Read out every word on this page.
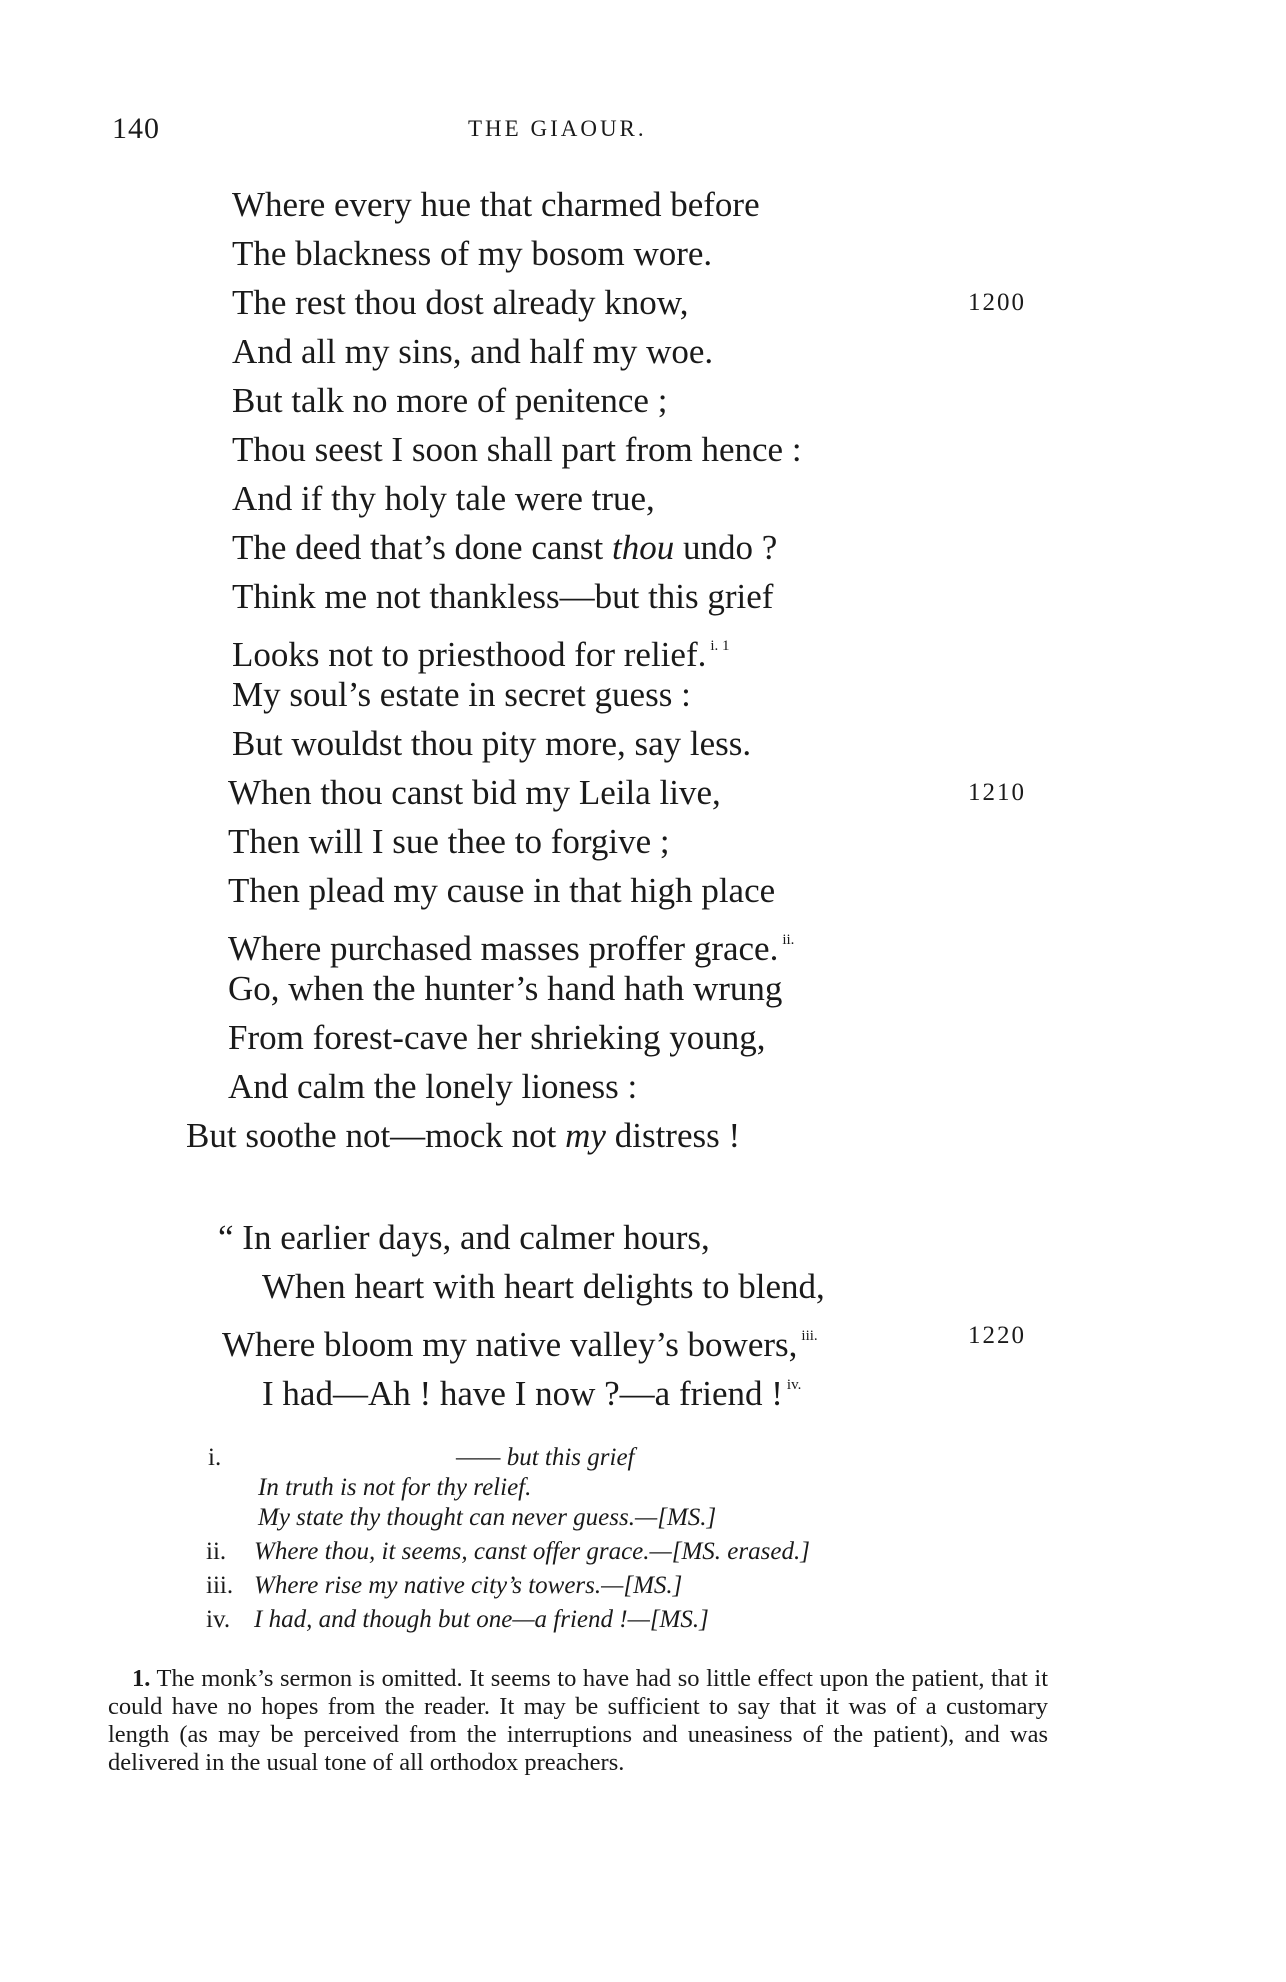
140	THE GIAOUR.
Where every hue that charmed before
The blackness of my bosom wore.
The rest thou dost already know,	1200
And all my sins, and half my woe.
But talk no more of penitence ;
Thou seest I soon shall part from hence :
And if thy holy tale were true,
The deed that’s done canst thou undo ?
Think me not thankless—but this grief
Looks not to priesthood for relief. $^{i. 1}$
My soul’s estate in secret guess :
But wouldst thou pity more, say less.
When thou canst bid my Leila live,	1210
Then will I sue thee to forgive ;
Then plead my cause in that high place
Where purchased masses proffer grace. $^{ii.}$
Go, when the hunter’s hand hath wrung
From forest-cave her shrieking young,
And calm the lonely lioness :
But soothe not—mock not my distress !
“ In earlier days, and calmer hours,
When heart with heart delights to blend,
Where bloom my native valley’s bowers, $^{iii.}$	1220
I had—Ah ! have I now ?—a friend ! $^{iv.}$
i.	—— but this grief
In truth is not for thy relief.
My state thy thought can never guess.—[MS.]
ii. Where thou, it seems, canst offer grace.—[MS. erased.]
iii. Where rise my native city’s towers.—[MS.]
iv. I had, and though but one—a friend !—[MS.]
1. The monk’s sermon is omitted. It seems to have had so little effect upon the patient, that it could have no hopes from the reader. It may be sufficient to say that it was of a customary length (as may be perceived from the interruptions and uneasiness of the patient), and was delivered in the usual tone of all orthodox preachers.
